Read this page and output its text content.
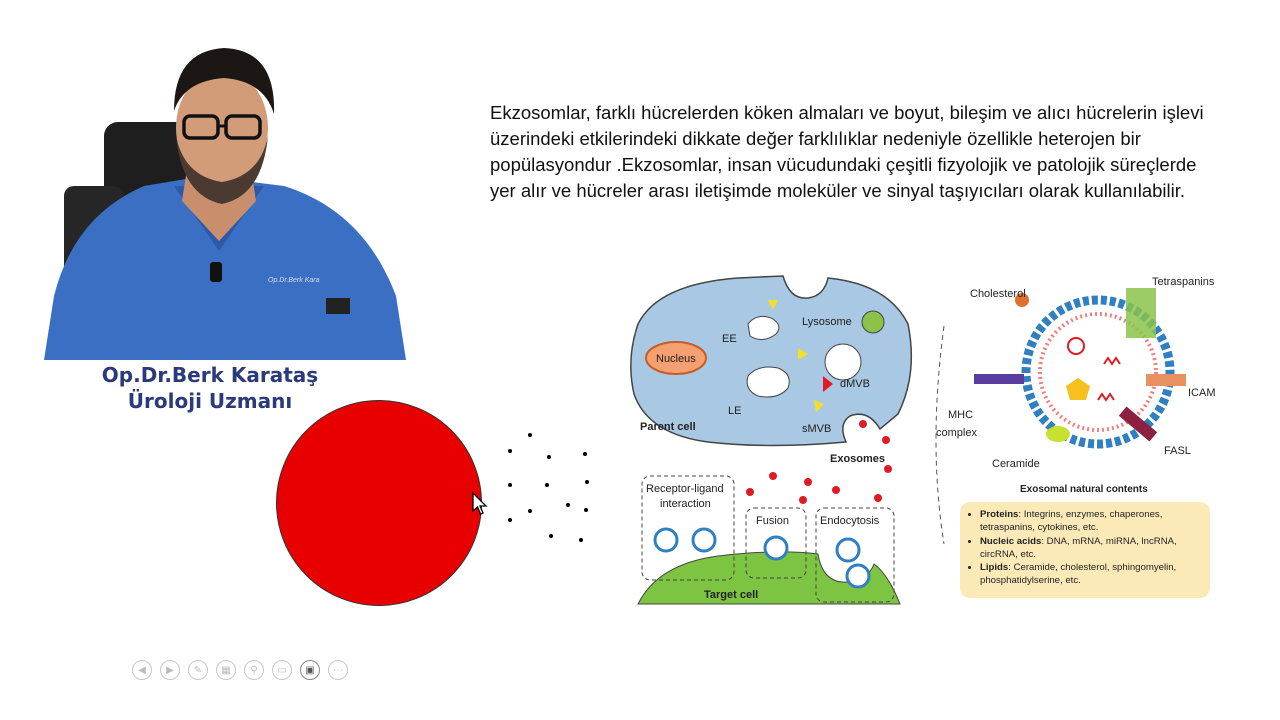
Op.Dr.Berk Kara
Op.Dr.Berk Karataş
Üroloji Uzmanı
Ekzosomlar, farklı hücrelerden köken almaları ve boyut, bileşim ve alıcı hücrelerin işlevi üzerindeki etkilerindeki dikkate değer farklılıklar nedeniyle özellikle heterojen bir popülasyondur .Ekzosomlar, insan vücudundaki çeşitli fizyolojik ve patolojik süreçlerde yer alır ve hücreler arası iletişimde moleküler ve sinyal taşıyıcıları olarak kullanılabilir.
Nucleus
EE
LE
Lysosome
dMVB
sMVB
Parent cell
Exosomes
Target cell
Receptor-ligand
interaction
Fusion	Endocytosis
Cholesterol
Tetraspanins
ICAM
MHC
complex
FASL
Ceramide
Exosomal natural contents
• Proteins: Integrins, enzymes, chaperones, tetraspanins, cytokines, etc.
• Nucleic acids: DNA, mRNA, miRNA, lncRNA, circRNA, etc.
• Lipids: Ceramide, cholesterol, sphingomyelin, phosphatidylserine, etc.
◀	▶	✎	▦	⚲	▭	▣	⋯
